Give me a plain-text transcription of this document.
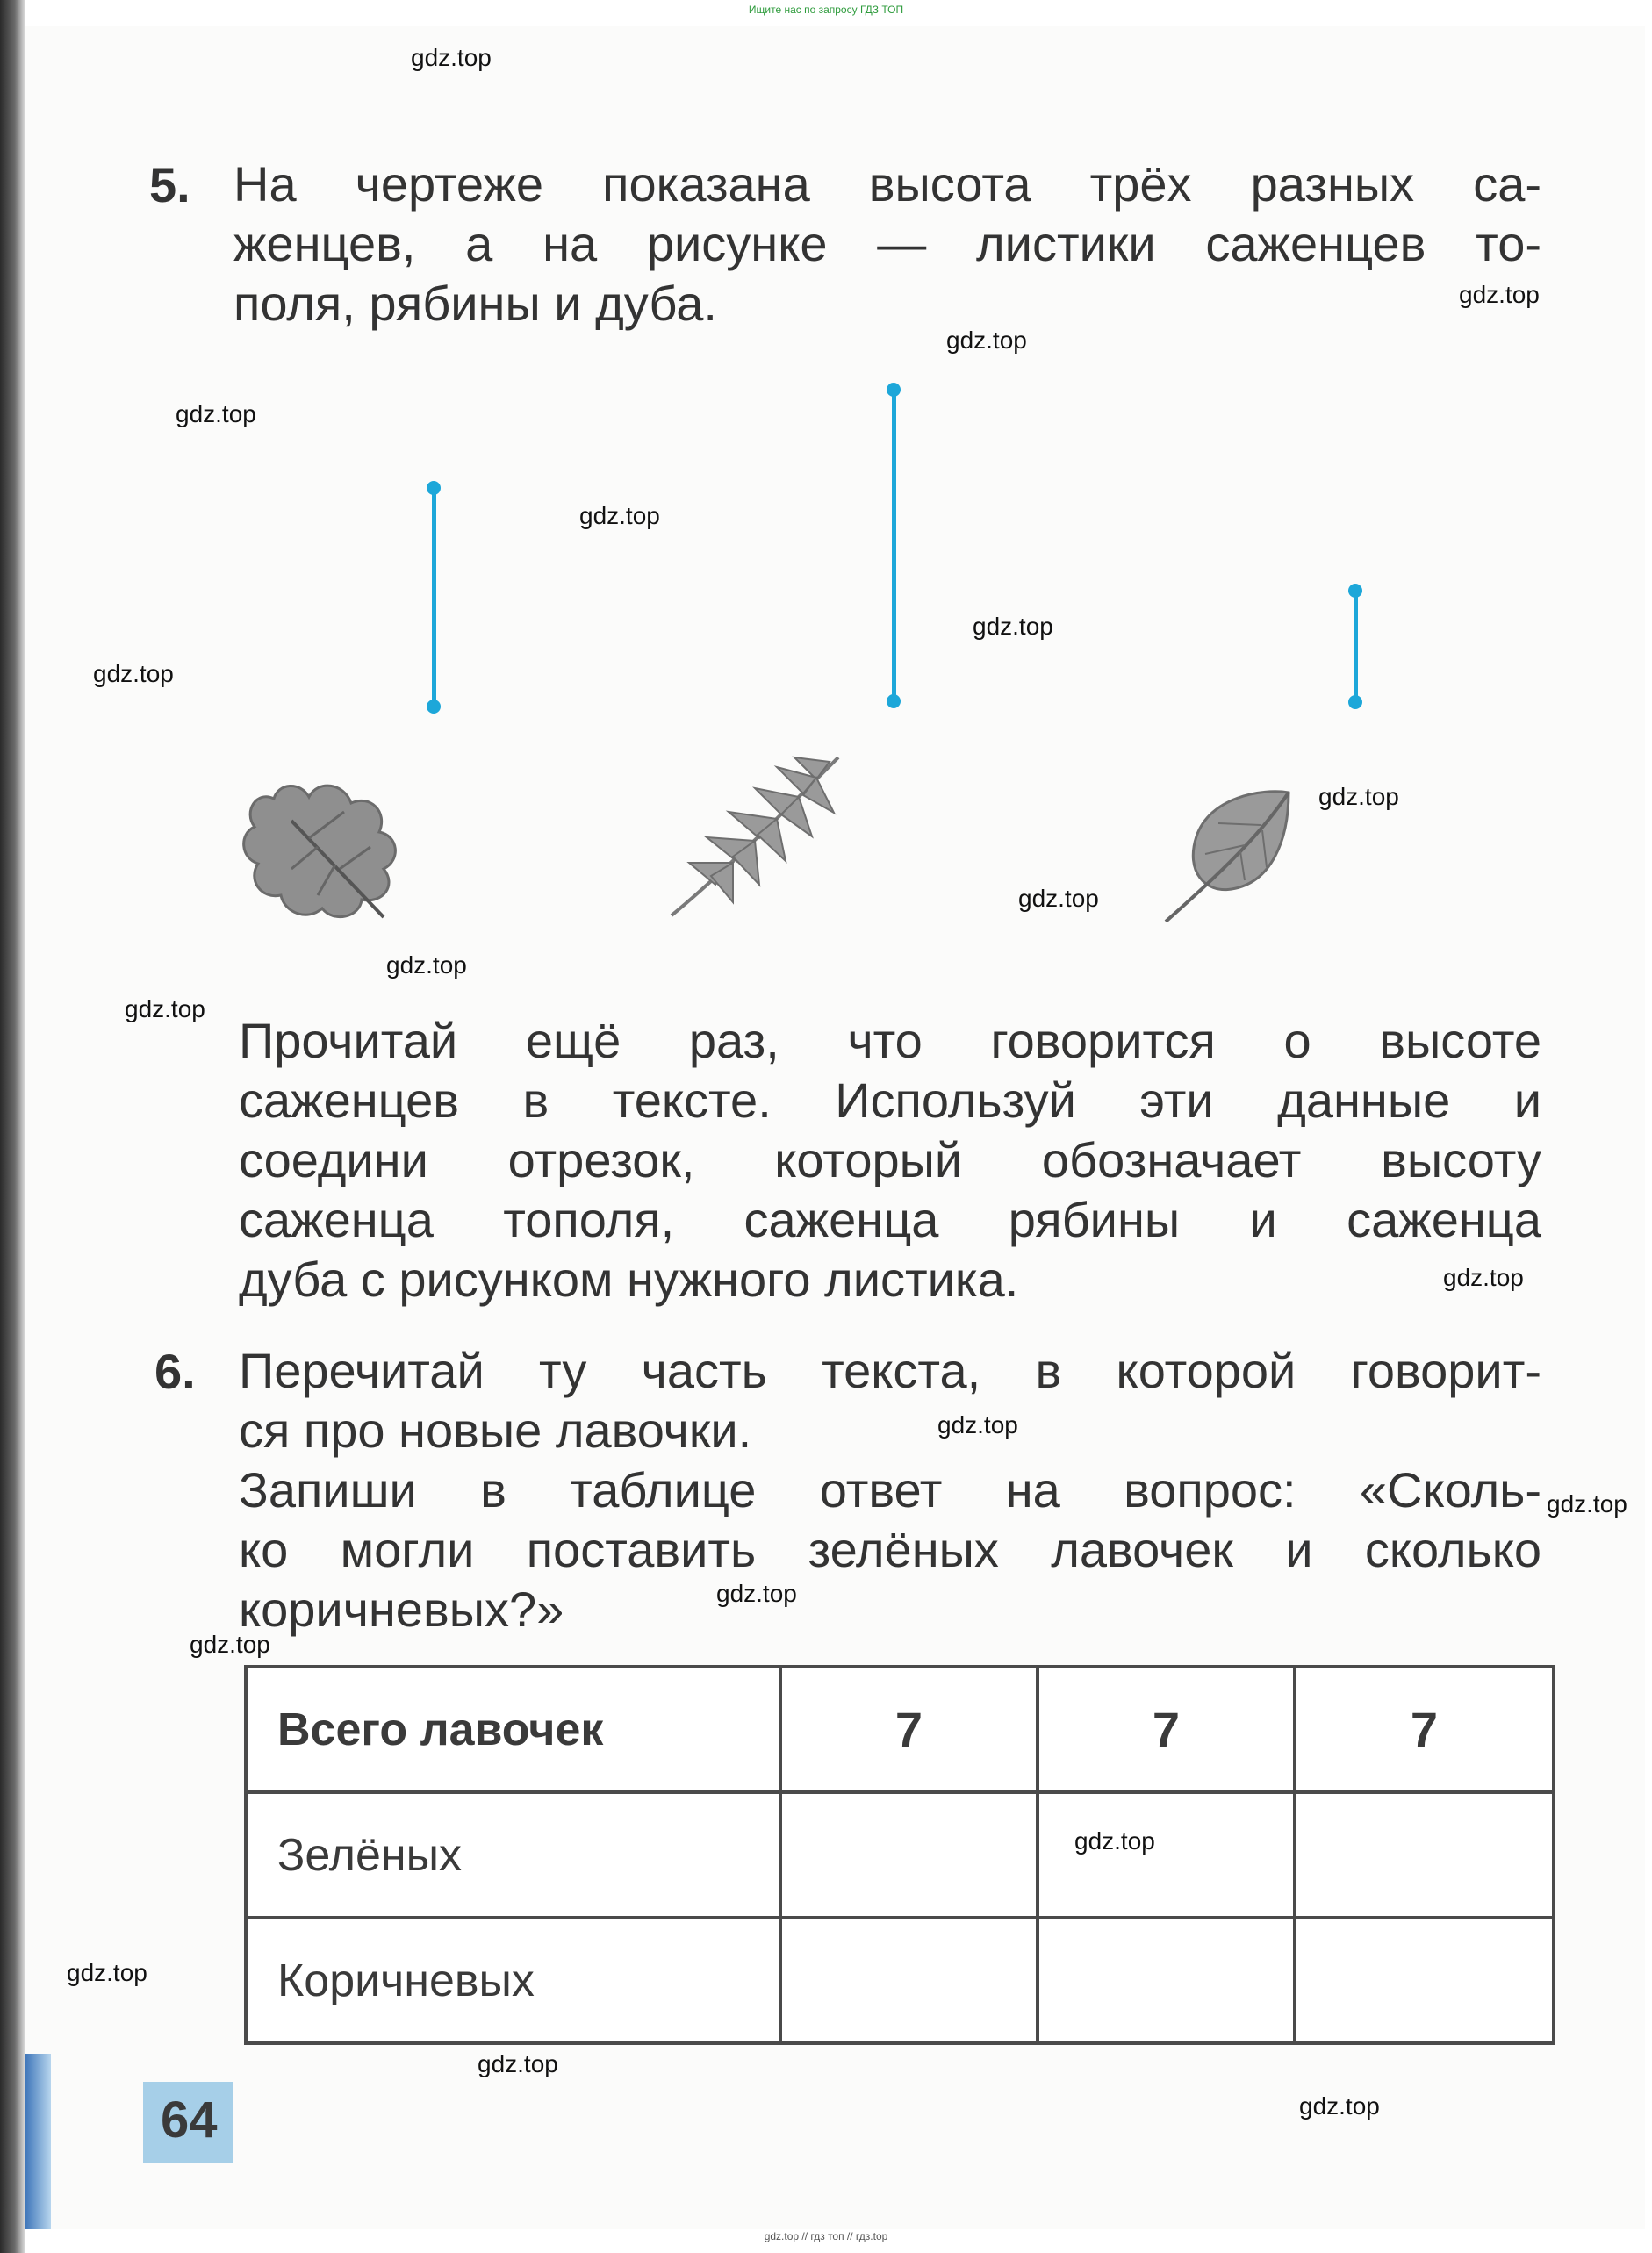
Ищите нас по запросу ГДЗ ТОП
5. На чертеже показана высота трёх разных са-
женцев, а на рисунке — листики саженцев то-
поля, рябины и дуба.
Прочитай ещё раз, что говорится о высоте
саженцев в тексте. Используй эти данные и
соедини отрезок, который обозначает высоту
саженца тополя, саженца рябины и саженца
дуба с рисунком нужного листика.
6. Перечитай ту часть текста, в которой говорит-
ся про новые лавочки.
Запиши в таблице ответ на вопрос: «Сколь-
ко могли поставить зелёных лавочек и сколько
коричневых?»
Всего лавочек	7	7	7
Зелёных			
Коричневых			
64
gdz.top
gdz.top
gdz.top
gdz.top
gdz.top
gdz.top
gdz.top
gdz.top
gdz.top
gdz.top
gdz.top
gdz.top
gdz.top
gdz.top
gdz.top
gdz.top
gdz.top
gdz.top
gdz.top
gdz.top
gdz.top // гдз топ // гдз.top
